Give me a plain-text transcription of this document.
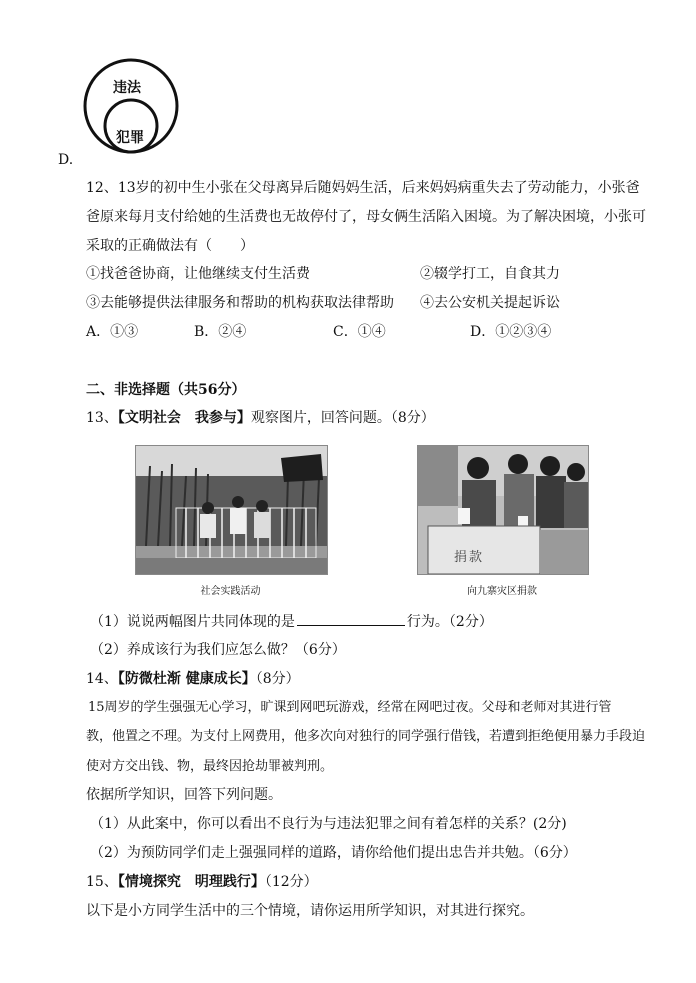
违法
犯罪
D.
12、13岁的初中生小张在父母离异后随妈妈生活，后来妈妈病重失去了劳动能力，小张爸
爸原来每月支付给她的生活费也无故停付了，母女俩生活陷入困境。为了解决困境，小张可
采取的正确做法有（　　）
①找爸爸协商，让他继续支付生活费	②辍学打工，自食其力
③去能够提供法律服务和帮助的机构获取法律帮助 ④去公安机关提起诉讼
A．①③	B．②④	C．①④	D．①②③④
二、非选择题（共56分）
13、【文明社会　我参与】观察图片，回答问题。（8分）
社会实践活动
捐款
向九寨灾区捐款
（1）说说两幅图片共同体现的是	行为。（2分）
（2）养成该行为我们应怎么做？（6分）
14、【防微杜渐 健康成长】（8分）
15周岁的学生强强无心学习，旷课到网吧玩游戏，经常在网吧过夜。父母和老师对其进行管
教，他置之不理。为支付上网费用，他多次向对独行的同学强行借钱，若遭到拒绝便用暴力手段迫
使对方交出钱、物，最终因抢劫罪被判刑。
依据所学知识，回答下列问题。
（1）从此案中，你可以看出不良行为与违法犯罪之间有着怎样的关系？(2分)
（2）为预防同学们走上强强同样的道路，请你给他们提出忠告并共勉。（6分）
15、【情境探究　明理践行】（12分）
以下是小方同学生活中的三个情境，请你运用所学知识，对其进行探究。
